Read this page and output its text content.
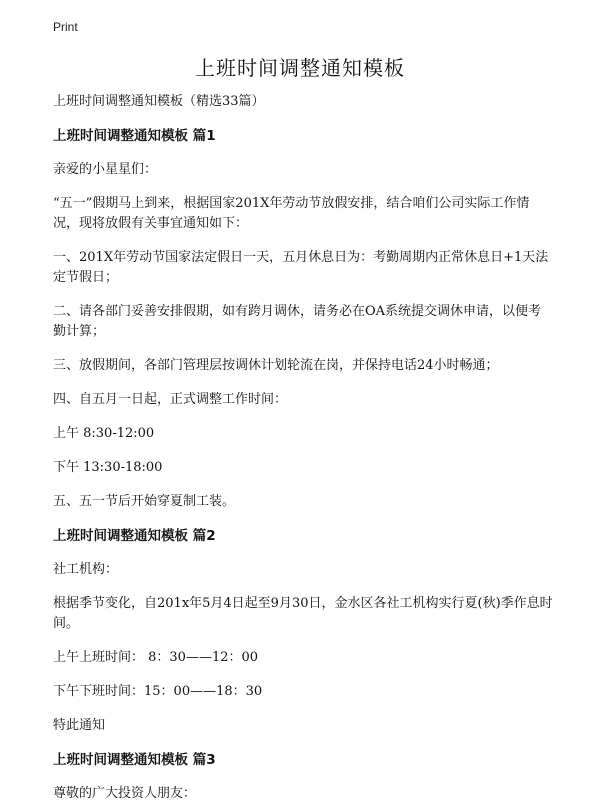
Print
上班时间调整通知模板

上班时间调整通知模板（精选33篇）

上班时间调整通知模板 篇1

亲爱的小星星们：

“五一”假期马上到来，根据国家201X年劳动节放假安排，结合咱们公司实际工作情况，现将放假有关事宜通知如下：

一、201X年劳动节国家法定假日一天，五月休息日为：考勤周期内正常休息日+1天法定节假日；

二、请各部门妥善安排假期，如有跨月调休，请务必在OA系统提交调休申请，以便考勤计算；

三、放假期间，各部门管理层按调休计划轮流在岗，并保持电话24小时畅通；

四、自五月一日起，正式调整工作时间：

上午 8:30-12:00

下午 13:30-18:00

五、五一节后开始穿夏制工装。

上班时间调整通知模板 篇2

社工机构：

根据季节变化，自201x年5月4日起至9月30日，金水区各社工机构实行夏(秋)季作息时间。

上午上班时间： 8：30——12：00

下午下班时间：15：00——18：30

特此通知

上班时间调整通知模板 篇3

尊敬的广大投资人朋友：
